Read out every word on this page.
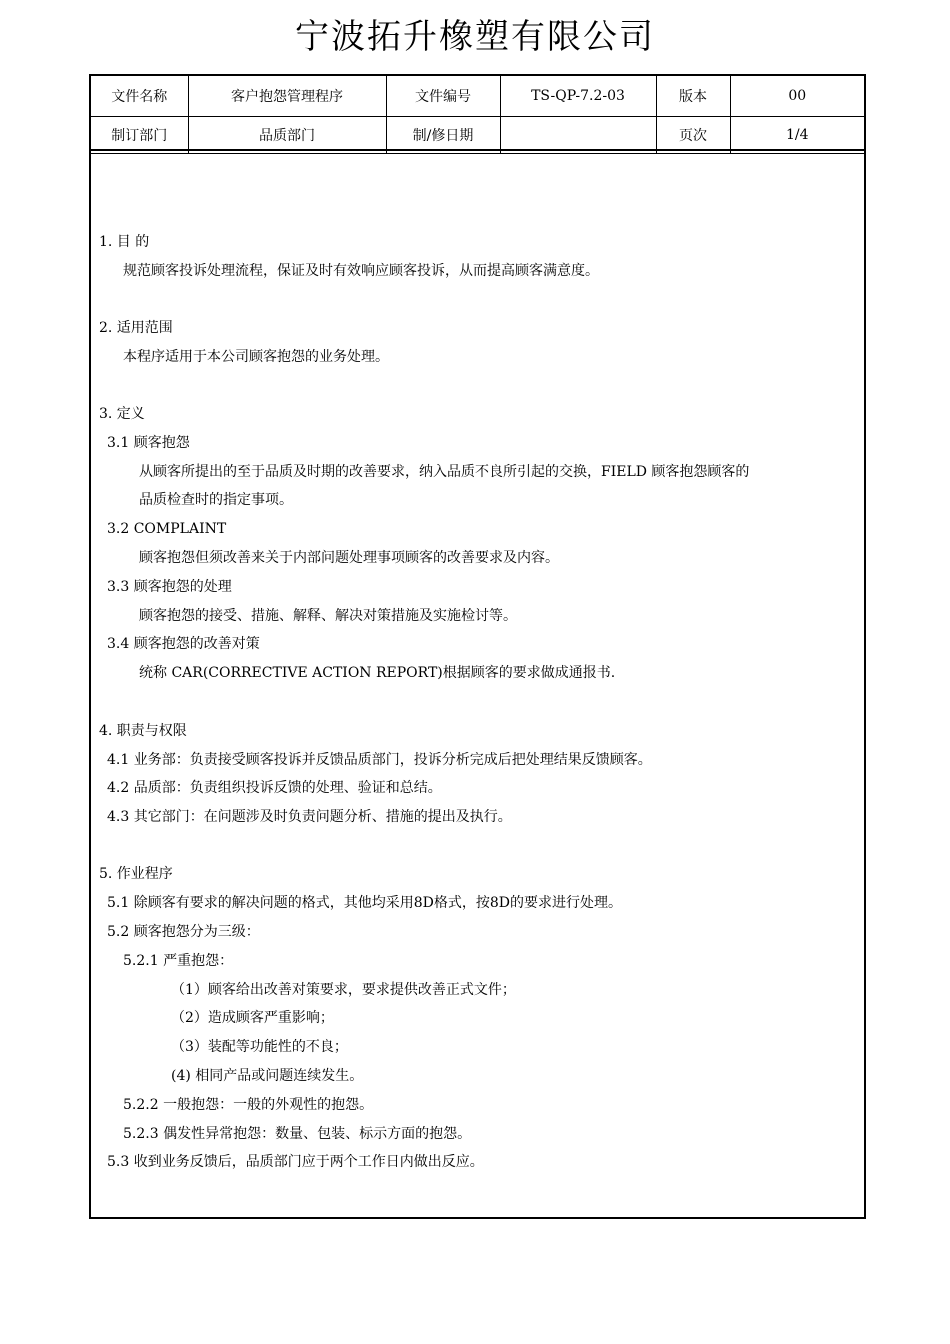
宁波拓升橡塑有限公司
文件名称	客户抱怨管理程序	文件编号	TS-QP-7.2-03	版本	00
制订部门	品质部门	制/修日期		页次	1/4
1. 目 的
规范顾客投诉处理流程，保证及时有效响应顾客投诉，从而提高顾客满意度。
2. 适用范围
本程序适用于本公司顾客抱怨的业务处理。
3. 定义
3.1 顾客抱怨
从顾客所提出的至于品质及时期的改善要求，纳入品质不良所引起的交换，FIELD 顾客抱怨顾客的
品质检查时的指定事项。
3.2 COMPLAINT
顾客抱怨但须改善来关于内部问题处理事项顾客的改善要求及内容。
3.3 顾客抱怨的处理
顾客抱怨的接受、措施、解释、解决对策措施及实施检讨等。
3.4 顾客抱怨的改善对策
统称 CAR(CORRECTIVE ACTION REPORT)根据顾客的要求做成通报书.
4. 职责与权限
4.1 业务部：负责接受顾客投诉并反馈品质部门，投诉分析完成后把处理结果反馈顾客。
4.2 品质部：负责组织投诉反馈的处理、验证和总结。
4.3 其它部门：在问题涉及时负责问题分析、措施的提出及执行。
5. 作业程序
5.1 除顾客有要求的解决问题的格式，其他均采用8D格式，按8D的要求进行处理。
5.2 顾客抱怨分为三级：
5.2.1 严重抱怨：
（1）顾客给出改善对策要求，要求提供改善正式文件；
（2）造成顾客严重影响；
（3）装配等功能性的不良；
(4) 相同产品或问题连续发生。
5.2.2 一般抱怨：一般的外观性的抱怨。
5.2.3 偶发性异常抱怨：数量、包装、标示方面的抱怨。
5.3 收到业务反馈后，品质部门应于两个工作日内做出反应。
